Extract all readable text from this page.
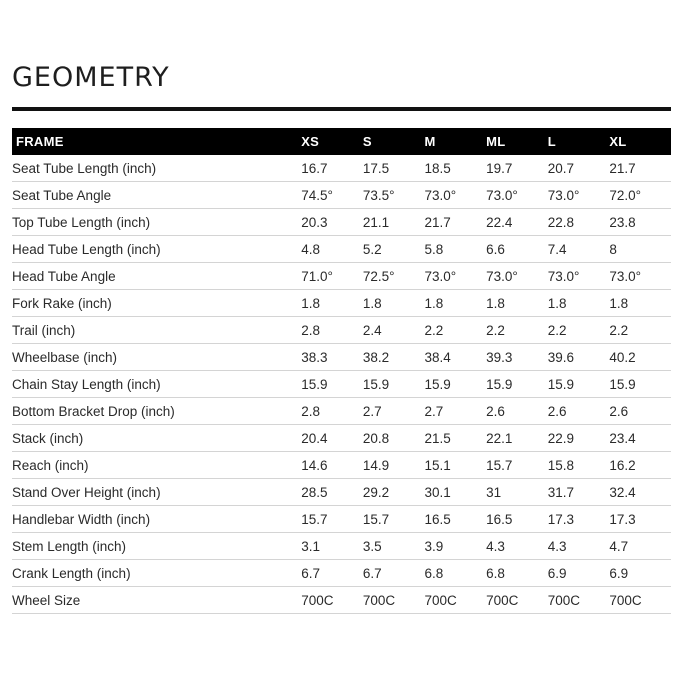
GEOMETRY
FRAME	XS	S	M	ML	L	XL
Seat Tube Length (inch)	16.7	17.5	18.5	19.7	20.7	21.7
Seat Tube Angle	74.5°	73.5°	73.0°	73.0°	73.0°	72.0°
Top Tube Length (inch)	20.3	21.1	21.7	22.4	22.8	23.8
Head Tube Length (inch)	4.8	5.2	5.8	6.6	7.4	8
Head Tube Angle	71.0°	72.5°	73.0°	73.0°	73.0°	73.0°
Fork Rake (inch)	1.8	1.8	1.8	1.8	1.8	1.8
Trail (inch)	2.8	2.4	2.2	2.2	2.2	2.2
Wheelbase (inch)	38.3	38.2	38.4	39.3	39.6	40.2
Chain Stay Length (inch)	15.9	15.9	15.9	15.9	15.9	15.9
Bottom Bracket Drop (inch)	2.8	2.7	2.7	2.6	2.6	2.6
Stack (inch)	20.4	20.8	21.5	22.1	22.9	23.4
Reach (inch)	14.6	14.9	15.1	15.7	15.8	16.2
Stand Over Height (inch)	28.5	29.2	30.1	31	31.7	32.4
Handlebar Width (inch)	15.7	15.7	16.5	16.5	17.3	17.3
Stem Length (inch)	3.1	3.5	3.9	4.3	4.3	4.7
Crank Length (inch)	6.7	6.7	6.8	6.8	6.9	6.9
Wheel Size	700C	700C	700C	700C	700C	700C
